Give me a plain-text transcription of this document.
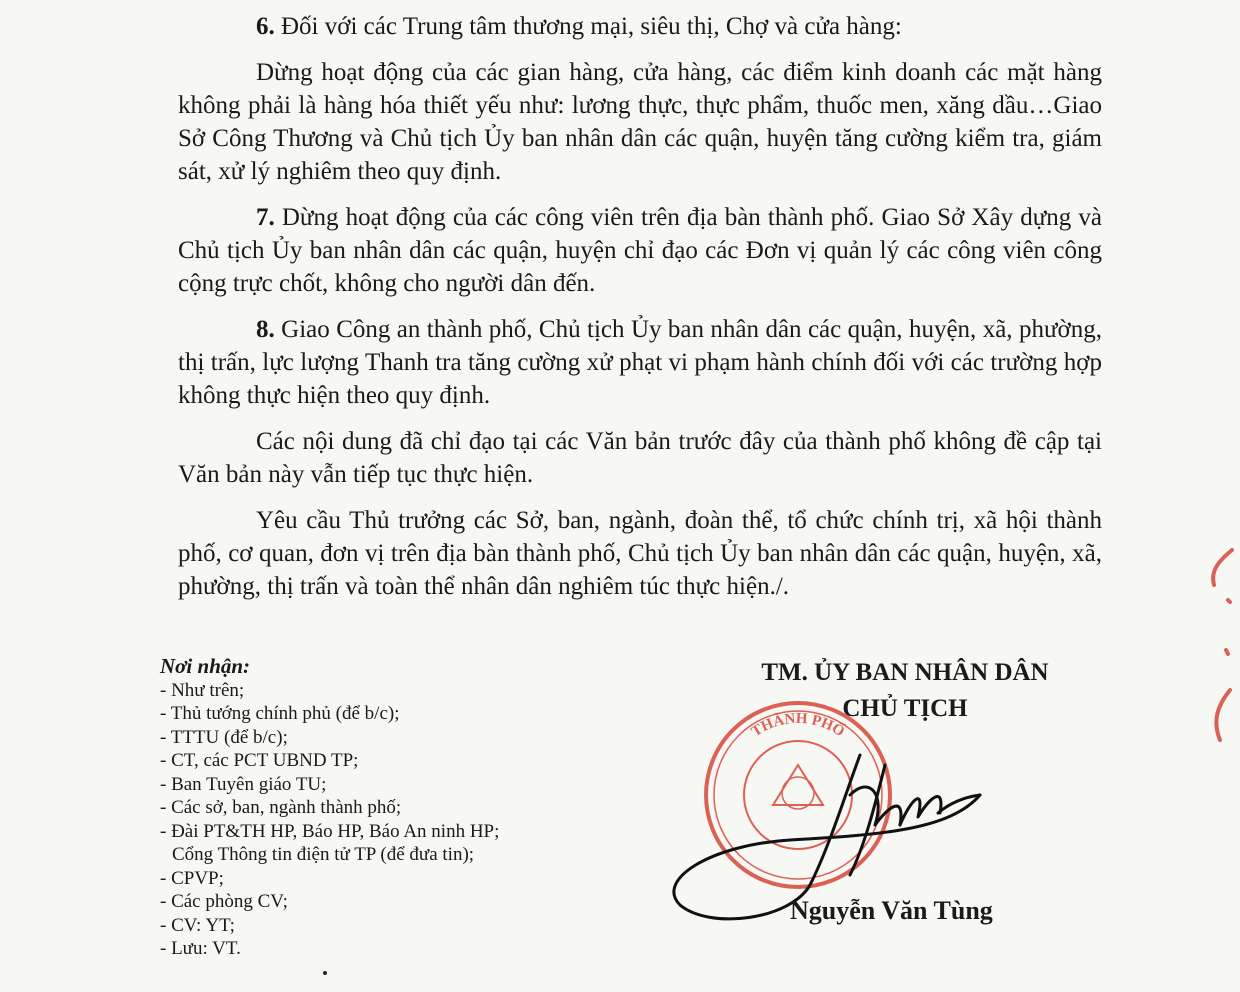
6. Đối với các Trung tâm thương mại, siêu thị, Chợ và cửa hàng:

Dừng hoạt động của các gian hàng, cửa hàng, các điểm kinh doanh các mặt hàng không phải là hàng hóa thiết yếu như: lương thực, thực phẩm, thuốc men, xăng dầu…Giao Sở Công Thương và Chủ tịch Ủy ban nhân dân các quận, huyện tăng cường kiểm tra, giám sát, xử lý nghiêm theo quy định.

7. Dừng hoạt động của các công viên trên địa bàn thành phố. Giao Sở Xây dựng và Chủ tịch Ủy ban nhân dân các quận, huyện chỉ đạo các Đơn vị quản lý các công viên công cộng trực chốt, không cho người dân đến.

8. Giao Công an thành phố, Chủ tịch Ủy ban nhân dân các quận, huyện, xã, phường, thị trấn, lực lượng Thanh tra tăng cường xử phạt vi phạm hành chính đối với các trường hợp không thực hiện theo quy định.

Các nội dung đã chỉ đạo tại các Văn bản trước đây của thành phố không đề cập tại Văn bản này vẫn tiếp tục thực hiện.

Yêu cầu Thủ trưởng các Sở, ban, ngành, đoàn thể, tổ chức chính trị, xã hội thành phố, cơ quan, đơn vị trên địa bàn thành phố, Chủ tịch Ủy ban nhân dân các quận, huyện, xã, phường, thị trấn và toàn thể nhân dân nghiêm túc thực hiện./.

Nơi nhận:
- Như trên;
- Thủ tướng chính phủ (để b/c);
- TTTU (để b/c);
- CT, các PCT UBND TP;
- Ban Tuyên giáo TU;
- Các sở, ban, ngành thành phố;
- Đài PT&TH HP, Báo HP, Báo An ninh HP;
Cổng Thông tin điện tử TP (để đưa tin);
- CPVP;
- Các phòng CV;
- CV: YT;
- Lưu: VT.
TM. ỦY BAN NHÂN DÂN
CHỦ TỊCH
THÀNH PHỐ
Nguyễn Văn Tùng
